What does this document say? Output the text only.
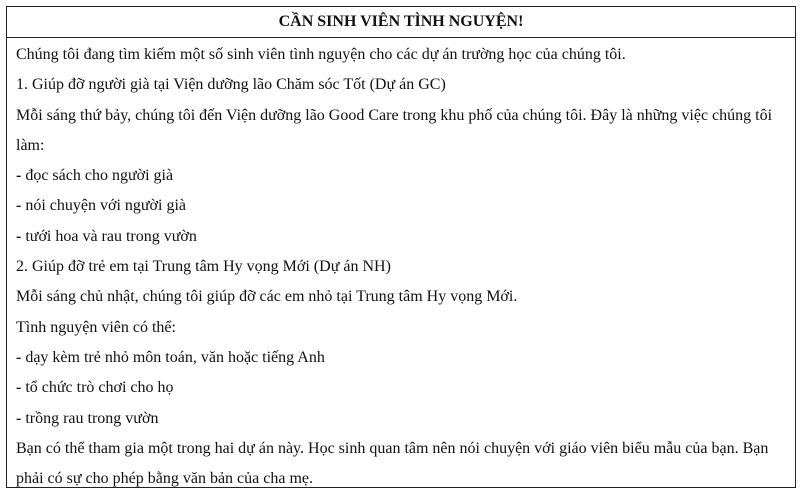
CẦN SINH VIÊN TÌNH NGUYỆN!
Chúng tôi đang tìm kiếm một số sinh viên tình nguyện cho các dự án trường học của chúng tôi.
1. Giúp đỡ người già tại Viện dưỡng lão Chăm sóc Tốt (Dự án GC)
Mỗi sáng thứ bảy, chúng tôi đến Viện dưỡng lão Good Care trong khu phố của chúng tôi. Đây là những việc chúng tôi làm:
- đọc sách cho người già
- nói chuyện với người già
- tưới hoa và rau trong vườn
2. Giúp đỡ trẻ em tại Trung tâm Hy vọng Mới (Dự án NH)
Mỗi sáng chủ nhật, chúng tôi giúp đỡ các em nhỏ tại Trung tâm Hy vọng Mới.
Tình nguyện viên có thể:
- dạy kèm trẻ nhỏ môn toán, văn hoặc tiếng Anh
- tổ chức trò chơi cho họ
- trồng rau trong vườn
Bạn có thể tham gia một trong hai dự án này. Học sinh quan tâm nên nói chuyện với giáo viên biểu mẫu của bạn. Bạn phải có sự cho phép bằng văn bản của cha mẹ.
